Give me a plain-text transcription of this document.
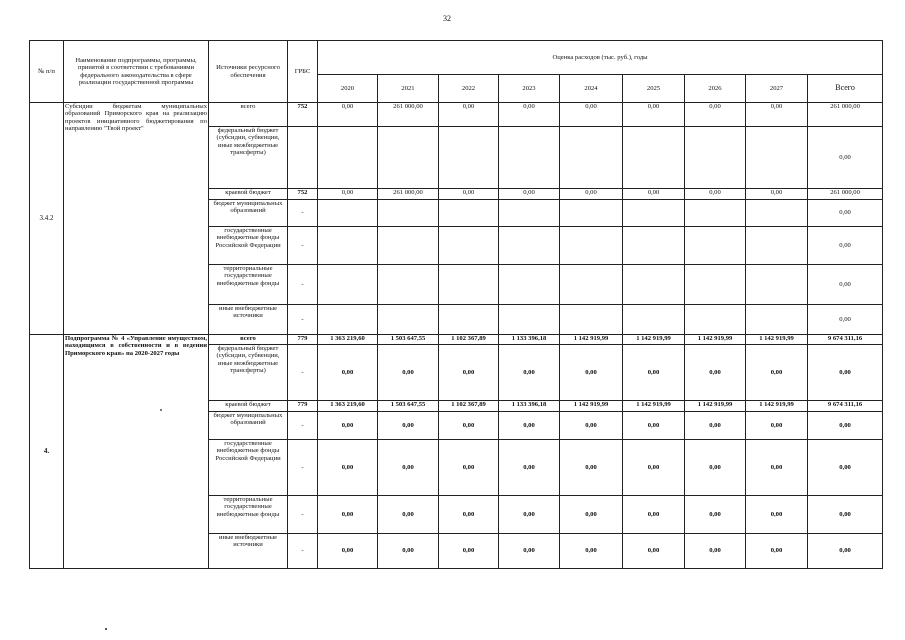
32
№ п/п	Наименование подпрограммы, программы, принятой в соответствии с требованиями федерального законодательства в сфере реализации государственной программы	Источники ресурсного обеспечения	ГРБС	Оценка расходов (тыс. руб.), годы								
				2020	2021	2022	2023	2024	2025	2026	2027	Всего
3.4.2	Субсидии бюджетам муниципальных образований Приморского края на реализацию проектов инициативного бюджетирования по направлению "Твой проект"	всего	752	0,00	261 000,00	0,00	0,00	0,00	0,00	0,00	0,00	261 000,00
		федеральный бюджет (субсидии, субвенции, иные межбюджетные трансферты)										0,00
		краевой бюджет	752	0,00	261 000,00	0,00	0,00	0,00	0,00	0,00	0,00	261 000,00
		бюджет муниципальных образований	-									0,00
		государственные внебюджетные фонды Российской Федерации	-									0,00
		территориальные государственные внебюджетные фонды	-									0,00
		иные внебюджетные источники	-									0,00
4.	Подпрограмма № 4 «Управление имуществом, находящимся в собственности и в ведении Приморского края» на 2020-2027 годы	всего	779	1 363 219,60	1 503 647,55	1 102 367,89	1 133 396,18	1 142 919,99	1 142 919,99	1 142 919,99	1 142 919,99	9 674 311,16
		федеральный бюджет (субсидии, субвенции, иные межбюджетные трансферты)	-	0,00	0,00	0,00	0,00	0,00	0,00	0,00	0,00	0,00
		краевой бюджет	779	1 363 219,60	1 503 647,55	1 102 367,89	1 133 396,18	1 142 919,99	1 142 919,99	1 142 919,99	1 142 919,99	9 674 311,16
		бюджет муниципальных образований	-	0,00	0,00	0,00	0,00	0,00	0,00	0,00	0,00	0,00
		государственные внебюджетные фонды Российской Федерации	-	0,00	0,00	0,00	0,00	0,00	0,00	0,00	0,00	0,00
		территориальные государственные внебюджетные фонды	-	0,00	0,00	0,00	0,00	0,00	0,00	0,00	0,00	0,00
		иные внебюджетные источники	-	0,00	0,00	0,00	0,00	0,00	0,00	0,00	0,00	0,00
